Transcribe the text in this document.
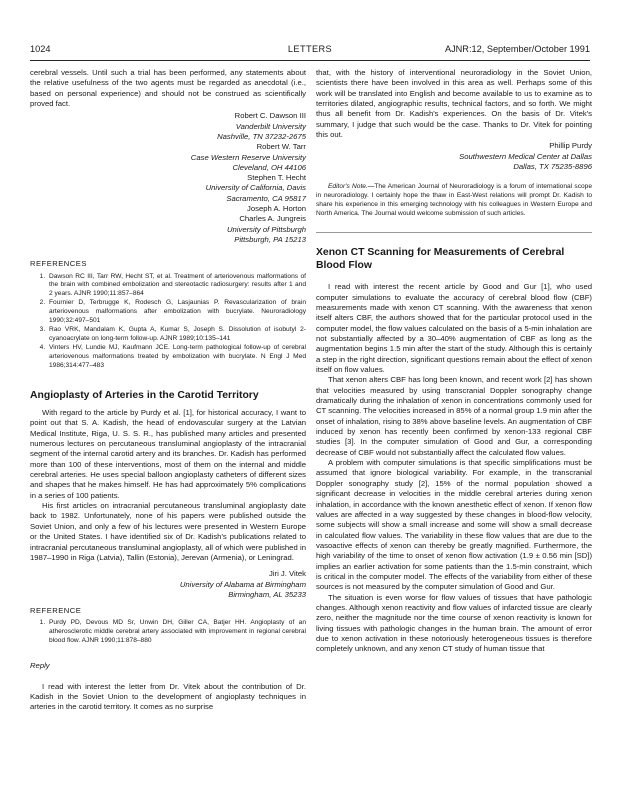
1024	LETTERS	AJNR:12, September/October 1991

cerebral vessels. Until such a trial has been performed, any statements about the relative usefulness of the two agents must be regarded as anecdotal (i.e., based on personal experience) and should not be construed as scientifically proved fact.

Robert C. Dawson III
Vanderbilt University
Nashville, TN 37232-2675
Robert W. Tarr
Case Western Reserve University
Cleveland, OH 44106
Stephen T. Hecht
University of California, Davis
Sacramento, CA 95817
Joseph A. Horton
Charles A. Jungreis
University of Pittsburgh
Pittsburgh, PA 15213
REFERENCES
1. Dawson RC III, Tarr RW, Hecht ST, et al. Treatment of arteriovenous malformations of the brain with combined embolization and stereotactic radiosurgery: results after 1 and 2 years. AJNR 1990;11:857–864
2. Fournier D, Terbrugge K, Rodesch G, Lasjaunias P. Revascularization of brain arteriovenous malformations after embolization with bucrylate. Neuroradiology 1990;32:497–501
3. Rao VRK, Mandalam K, Gupta A, Kumar S, Joseph S. Dissolution of isobutyl 2-cyanoacrylate on long-term follow-up. AJNR 1989;10:135–141
4. Vinters HV, Lundie MJ, Kaufmann JCE. Long-term pathological follow-up of cerebral arteriovenous malformations treated by embolization with bucrylate. N Engl J Med 1986;314:477–483
Angioplasty of Arteries in the Carotid Territory

With regard to the article by Purdy et al. [1], for historical accuracy, I want to point out that S. A. Kadish, the head of endovascular surgery at the Latvian Medical Institute, Riga, U. S. S. R., has published many articles and presented numerous lectures on percutaneous transluminal angioplasty of the intracranial segment of the internal carotid artery and its branches. Dr. Kadish has performed more than 100 of these interventions, most of them on the internal and middle cerebral arteries. He uses special balloon angioplasty catheters of different sizes and shapes that he makes himself. He has had approximately 5% complications in a series of 100 patients.

His first articles on intracranial percutaneous transluminal angioplasty date back to 1982. Unfortunately, none of his papers were published outside the Soviet Union, and only a few of his lectures were presented in Western Europe or the United States. I have identified six of Dr. Kadish's publications related to intracranial percutaneous transluminal angioplasty, all of which were published in 1987–1990 in Riga (Latvia), Tallin (Estonia), Jerevan (Armenia), or Leningrad.

Jiri J. Vitek
University of Alabama at Birmingham
Birmingham, AL 35233
REFERENCE
1. Purdy PD, Devous MD Sr, Unwin DH, Giller CA, Batjer HH. Angioplasty of an atherosclerotic middle cerebral artery associated with improvement in regional cerebral blood flow. AJNR 1990;11:878–880
Reply

I read with interest the letter from Dr. Vitek about the contribution of Dr. Kadish in the Soviet Union to the development of angioplasty techniques in arteries in the carotid territory. It comes as no surprise

that, with the history of interventional neuroradiology in the Soviet Union, scientists there have been involved in this area as well. Perhaps some of this work will be translated into English and become available to us to examine as to territories dilated, angiographic results, technical factors, and so forth. We might thus all benefit from Dr. Kadish's experiences. On the basis of Dr. Vitek's summary, I judge that such would be the case. Thanks to Dr. Vitek for pointing this out.

Phillip Purdy
Southwestern Medical Center at Dallas
Dallas, TX 75235-8896

Editor's Note.—The American Journal of Neuroradiology is a forum of international scope in neuroradiology. I certainly hope the thaw in East-West relations will prompt Dr. Kadish to share his experience in this emerging technology with his colleagues in Western Europe and North America. The Journal would welcome submission of such articles.

Xenon CT Scanning for Measurements of Cerebral Blood Flow

I read with interest the recent article by Good and Gur [1], who used computer simulations to evaluate the accuracy of cerebral blood flow (CBF) measurements made with xenon CT scanning. With the awareness that xenon itself alters CBF, the authors showed that for the particular protocol used in the computer model, the flow values calculated on the basis of a 5-min inhalation are not substantially affected by a 30–40% augmentation of CBF as long as the augmentation begins 1.5 min after the start of the study. Although this is certainly a step in the right direction, significant questions remain about the effect of xenon itself on flow values.

That xenon alters CBF has long been known, and recent work [2] has shown that velocities measured by using transcranial Doppler sonography change dramatically during the inhalation of xenon in concentrations commonly used for CT scanning. The velocities increased in 85% of a normal group 1.9 min after the onset of inhalation, rising to 38% above baseline levels. An augmentation of CBF induced by xenon has recently been confirmed by xenon-133 regional CBF studies [3]. In the computer simulation of Good and Gur, a corresponding decrease of CBF would not substantially affect the calculated flow values.

A problem with computer simulations is that specific simplifications must be assumed that ignore biological variability. For example, in the transcranial Doppler sonography study [2], 15% of the normal population showed a significant decrease in velocities in the middle cerebral arteries during xenon inhalation, in accordance with the known anesthetic effect of xenon. If xenon flow values are affected in a way suggested by these changes in blood-flow velocity, some subjects will show a small increase and some will show a small decrease in calculated flow values. The variability in these flow values that are due to the vasoactive effects of xenon can thereby be greatly magnified. Furthermore, the high variability of the time to onset of xenon flow activation (1.9 ± 0.56 min [SD]) implies an earlier activation for some patients than the 1.5-min constraint, which is critical in the computer model. The effects of the variability from either of these sources is not measured by the computer simulation of Good and Gur.

The situation is even worse for flow values of tissues that have pathologic changes. Although xenon reactivity and flow values of infarcted tissue are clearly zero, neither the magnitude nor the time course of xenon reactivity is known for living tissues with pathologic changes in the human brain. The amount of error due to xenon activation in these notoriously heterogeneous tissues is therefore completely unknown, and any xenon CT study of human tissue that
